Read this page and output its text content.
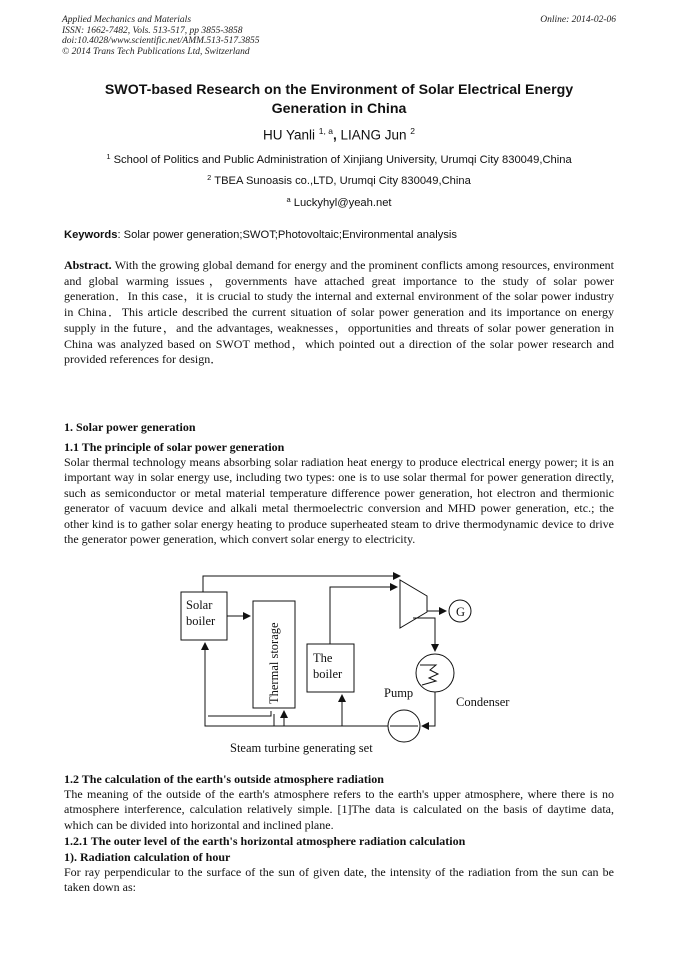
Applied Mechanics and Materials
ISSN: 1662-7482, Vols. 513-517, pp 3855-3858
doi:10.4028/www.scientific.net/AMM.513-517.3855
© 2014 Trans Tech Publications Ltd, Switzerland
Online: 2014-02-06
SWOT-based Research on the Environment of Solar Electrical Energy
Generation in China
HU Yanli $^{1, a}$, LIANG Jun $^2$
$^1$ School of Politics and Public Administration of Xinjiang University, Urumqi City 830049,China
$^2$ TBEA Sunoasis co.,LTD, Urumqi City 830049,China
$^a$ Luckyhyl@yeah.net
Keywords: Solar power generation;SWOT;Photovoltaic;Environmental analysis
Abstract. With the growing global demand for energy and the prominent conflicts among resources, environment and global warming issues，governments have attached great importance to the study of solar power generation．In this case，it is crucial to study the internal and external environment of the solar power industry in China．This article described the current situation of solar power generation and its importance on energy supply in the future，and the advantages, weaknesses，opportunities and threats of solar power generation in China was analyzed based on SWOT method，which pointed out a direction of the solar power research and provided references for design．
1. Solar power generation
1.1 The principle of solar power generation
Solar thermal technology means absorbing solar radiation heat energy to produce electrical energy power; it is an important way in solar energy use, including two types: one is to use solar thermal for power generation directly, such as semiconductor or metal material temperature difference power generation, hot electron and thermionic generator of vacuum device and alkali metal thermoelectric conversion and MHD power generation, etc.; the other kind is to gather solar energy heating to produce superheated steam to drive thermodynamic device to drive the generator power generation, which convert solar energy to electricity.
Solar
boiler
Thermal storage	The
boiler
G
Pump
Condenser
Steam turbine generating set
1.2 The calculation of the earth's outside atmosphere radiation
The meaning of the outside of the earth's atmosphere refers to the earth's upper atmosphere, where there is no atmosphere interference, calculation relatively simple. [1]The data is calculated on the basis of daytime data, which can be divided into horizontal and inclined plane.
1.2.1 The outer level of the earth's horizontal atmosphere radiation calculation
1). Radiation calculation of hour
For ray perpendicular to the surface of the sun of given date, the intensity of the radiation from the sun can be taken down as:
